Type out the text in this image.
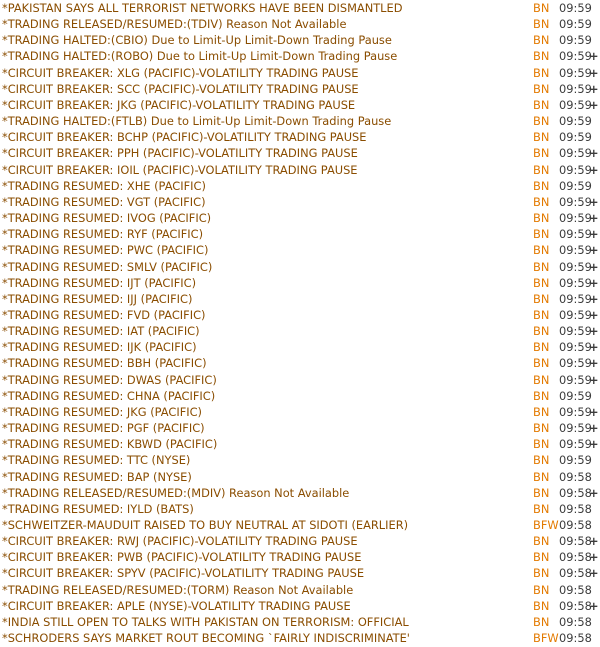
*PAKISTAN SAYS ALL TERRORIST NETWORKS HAVE BEEN DISMANTLED	BN 09:59
*TRADING RELEASED/RESUMED:(TDIV) Reason Not Available	BN 09:59
*TRADING HALTED:(CBIO) Due to Limit-Up Limit-Down Trading Pause	BN 09:59
*TRADING HALTED:(ROBO) Due to Limit-Up Limit-Down Trading Pause	BN 09:59
+
*CIRCUIT BREAKER: XLG (PACIFIC)-VOLATILITY TRADING PAUSE	BN 09:59
+
*CIRCUIT BREAKER: SCC (PACIFIC)-VOLATILITY TRADING PAUSE	BN 09:59
+
*CIRCUIT BREAKER: JKG (PACIFIC)-VOLATILITY TRADING PAUSE	BN 09:59
+
*TRADING HALTED:(FTLB) Due to Limit-Up Limit-Down Trading Pause	BN 09:59
*CIRCUIT BREAKER: BCHP (PACIFIC)-VOLATILITY TRADING PAUSE	BN 09:59
*CIRCUIT BREAKER: PPH (PACIFIC)-VOLATILITY TRADING PAUSE	BN 09:59
+
*CIRCUIT BREAKER: IOIL (PACIFIC)-VOLATILITY TRADING PAUSE	BN 09:59
+
*TRADING RESUMED: XHE (PACIFIC)	BN 09:59
*TRADING RESUMED: VGT (PACIFIC)	BN 09:59
+
*TRADING RESUMED: IVOG (PACIFIC)	BN 09:59
+
*TRADING RESUMED: RYF (PACIFIC)	BN 09:59
+
*TRADING RESUMED: PWC (PACIFIC)	BN 09:59
+
*TRADING RESUMED: SMLV (PACIFIC)	BN 09:59
+
*TRADING RESUMED: IJT (PACIFIC)	BN 09:59
+
*TRADING RESUMED: IJJ (PACIFIC)	BN 09:59
+
*TRADING RESUMED: FVD (PACIFIC)	BN 09:59
+
*TRADING RESUMED: IAT (PACIFIC)	BN 09:59
+
*TRADING RESUMED: IJK (PACIFIC)	BN 09:59
+
*TRADING RESUMED: BBH (PACIFIC)	BN 09:59
+
*TRADING RESUMED: DWAS (PACIFIC)	BN 09:59
+
*TRADING RESUMED: CHNA (PACIFIC)	BN 09:59
*TRADING RESUMED: JKG (PACIFIC)	BN 09:59
+
*TRADING RESUMED: PGF (PACIFIC)	BN 09:59
+
*TRADING RESUMED: KBWD (PACIFIC)	BN 09:59
+
*TRADING RESUMED: TTC (NYSE)	BN 09:59
*TRADING RESUMED: BAP (NYSE)	BN 09:58
*TRADING RELEASED/RESUMED:(MDIV) Reason Not Available	BN 09:58
+
*TRADING RESUMED: IYLD (BATS)	BN 09:58
*SCHWEITZER-MAUDUIT RAISED TO BUY NEUTRAL AT SIDOTI (EARLIER)	BFW 09:58
*CIRCUIT BREAKER: RWJ (PACIFIC)-VOLATILITY TRADING PAUSE	BN 09:58
+
*CIRCUIT BREAKER: PWB (PACIFIC)-VOLATILITY TRADING PAUSE	BN 09:58
+
*CIRCUIT BREAKER: SPYV (PACIFIC)-VOLATILITY TRADING PAUSE	BN 09:58
+
*TRADING RELEASED/RESUMED:(TORM) Reason Not Available	BN 09:58
*CIRCUIT BREAKER: APLE (NYSE)-VOLATILITY TRADING PAUSE	BN 09:58
+
*INDIA STILL OPEN TO TALKS WITH PAKISTAN ON TERRORISM: OFFICIAL	BN 09:58
*SCHRODERS SAYS MARKET ROUT BECOMING `FAIRLY INDISCRIMINATE'	BFW 09:58
